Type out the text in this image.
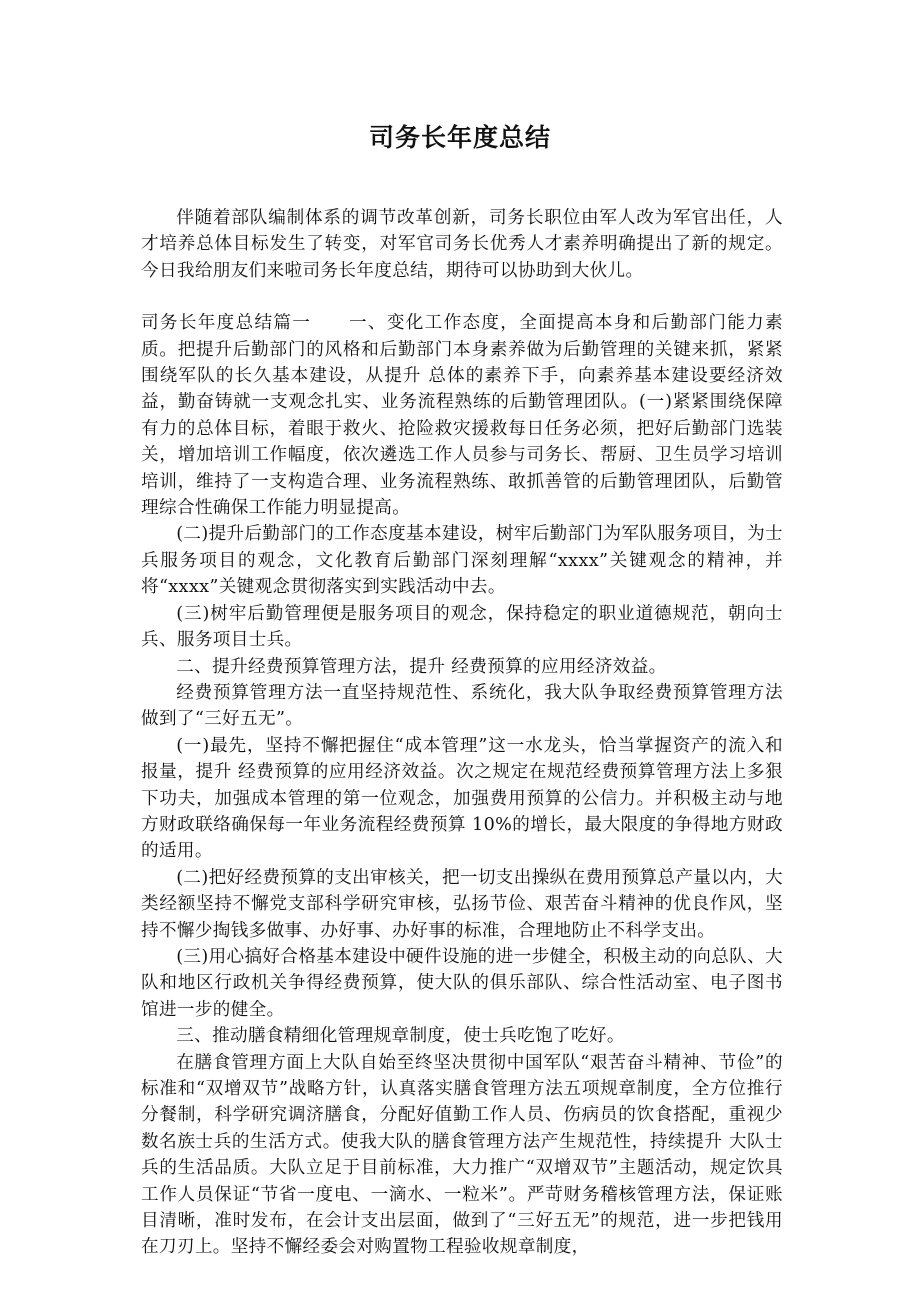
司务长年度总结

伴随着部队编制体系的调节改革创新，司务长职位由军人改为军官出任，人才培养总体目标发生了转变，对军官司务长优秀人才素养明确提出了新的规定。今日我给朋友们来啦司务长年度总结，期待可以协助到大伙儿。

司务长年度总结篇一　　一、变化工作态度，全面提高本身和后勤部门能力素质。把提升后勤部门的风格和后勤部门本身素养做为后勤管理的关键来抓，紧紧围绕军队的长久基本建设，从提升 总体的素养下手，向素养基本建设要经济效益，勤奋铸就一支观念扎实、业务流程熟练的后勤管理团队。(一)紧紧围绕保障有力的总体目标，着眼于救火、抢险救灾援救每日任务必须，把好后勤部门选装关，增加培训工作幅度，依次遴选工作人员参与司务长、帮厨、卫生员学习培训培训，维持了一支构造合理、业务流程熟练、敢抓善管的后勤管理团队，后勤管理综合性确保工作能力明显提高。

(二)提升后勤部门的工作态度基本建设，树牢后勤部门为军队服务项目，为士兵服务项目的观念，文化教育后勤部门深刻理解“xxxx”关键观念的精神，并将“xxxx”关键观念贯彻落实到实践活动中去。

(三)树牢后勤管理便是服务项目的观念，保持稳定的职业道德规范，朝向士兵、服务项目士兵。

二、提升经费预算管理方法，提升 经费预算的应用经济效益。

经费预算管理方法一直坚持规范性、系统化，我大队争取经费预算管理方法做到了“三好五无”。

(一)最先，坚持不懈把握住“成本管理”这一水龙头，恰当掌握资产的流入和报量，提升 经费预算的应用经济效益。次之规定在规范经费预算管理方法上多狠下功夫，加强成本管理的第一位观念，加强费用预算的公信力。并积极主动与地方财政联络确保每一年业务流程经费预算 10%的增长，最大限度的争得地方财政的适用。

(二)把好经费预算的支出审核关，把一切支出操纵在费用预算总产量以内，大类经额坚持不懈党支部科学研究审核，弘扬节俭、艰苦奋斗精神的优良作风，坚持不懈少掏钱多做事、办好事、办好事的标准，合理地防止不科学支出。

(三)用心搞好合格基本建设中硬件设施的进一步健全，积极主动的向总队、大队和地区行政机关争得经费预算，使大队的俱乐部队、综合性活动室、电子图书馆进一步的健全。

三、推动膳食精细化管理规章制度，使士兵吃饱了吃好。

在膳食管理方面上大队自始至终坚决贯彻中国军队“艰苦奋斗精神、节俭”的标准和“双增双节”战略方针，认真落实膳食管理方法五项规章制度，全方位推行分餐制，科学研究调济膳食，分配好值勤工作人员、伤病员的饮食搭配，重视少数名族士兵的生活方式。使我大队的膳食管理方法产生规范性，持续提升 大队士兵的生活品质。大队立足于目前标准，大力推广“双增双节”主题活动，规定饮具工作人员保证“节省一度电、一滴水、一粒米”。严苛财务稽核管理方法，保证账目清晰，准时发布，在会计支出层面，做到了“三好五无”的规范，进一步把钱用在刀刃上。坚持不懈经委会对购置物工程验收规章制度，
